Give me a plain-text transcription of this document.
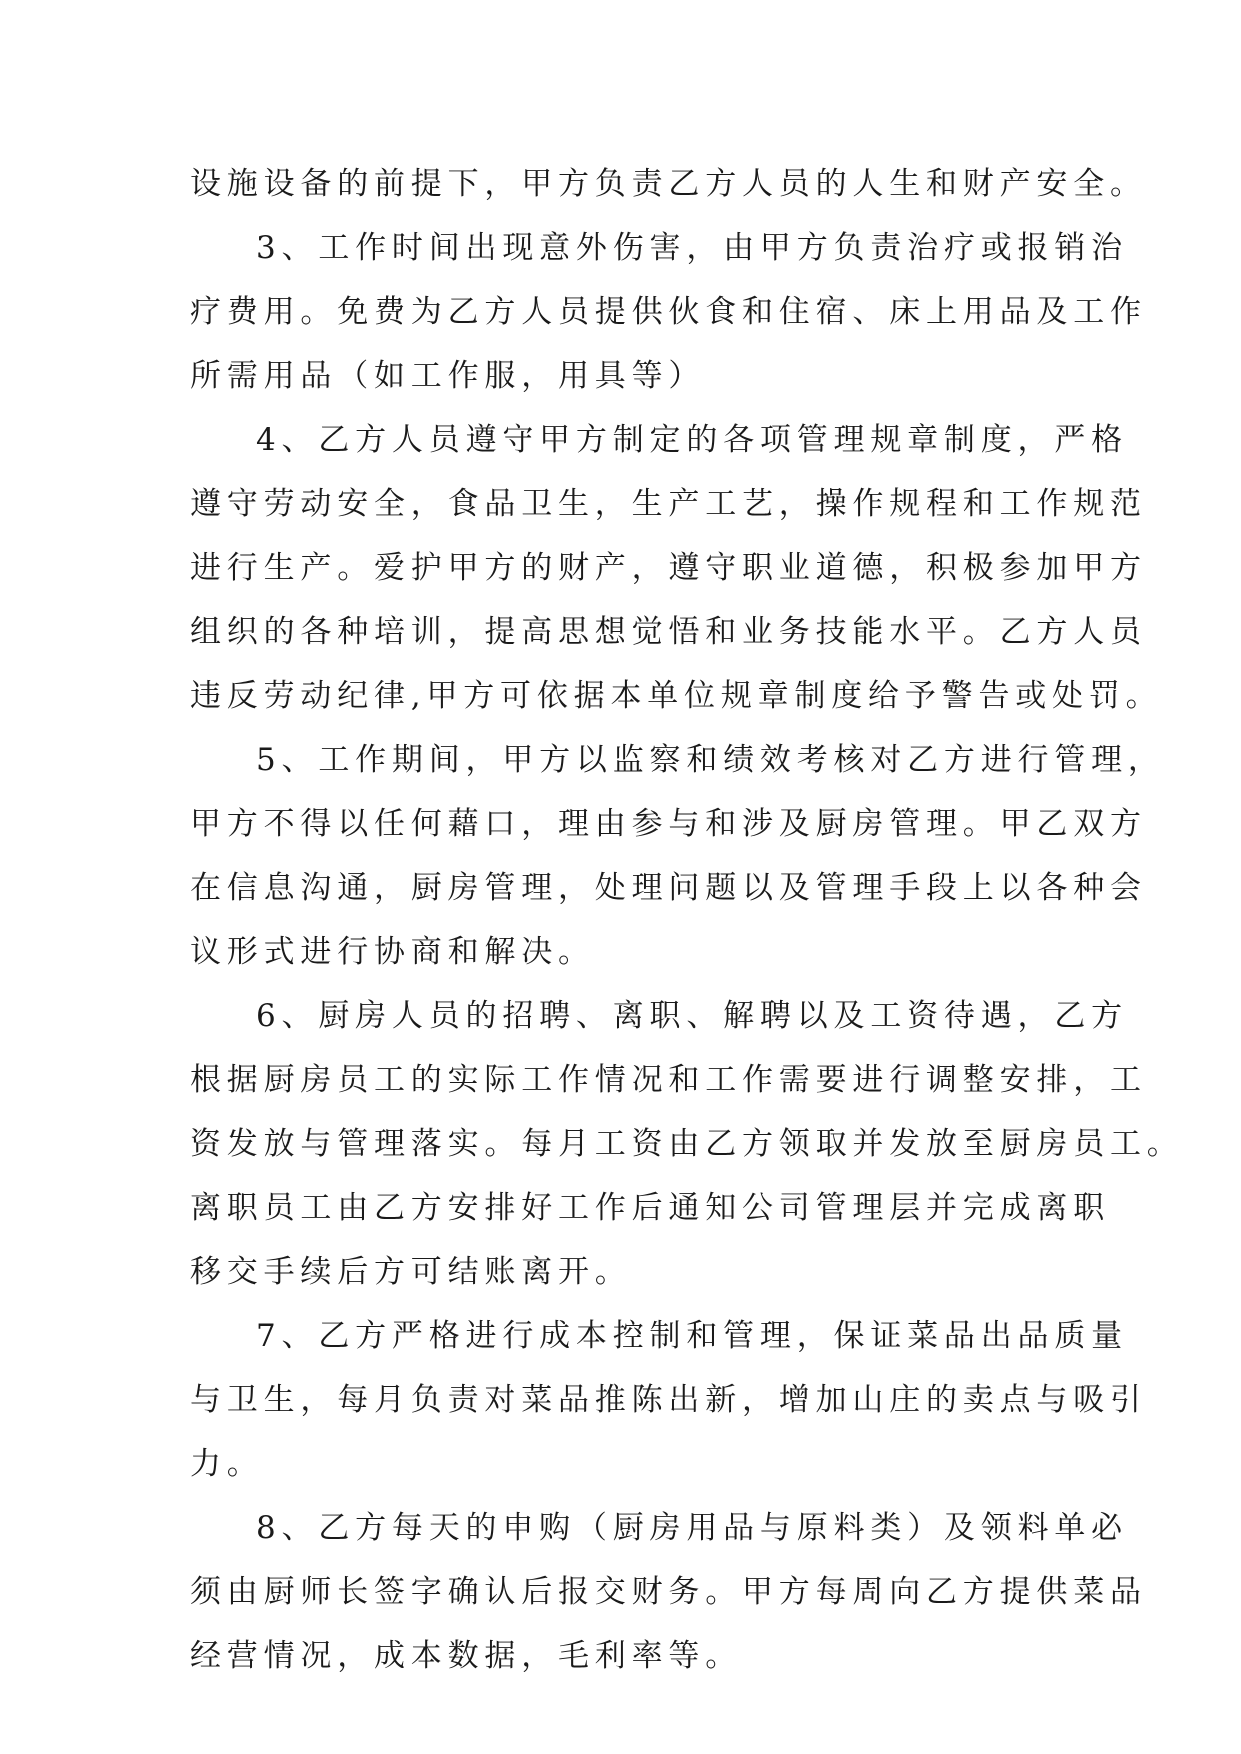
设施设备的前提下，甲方负责乙方人员的人生和财产安全。
3、工作时间出现意外伤害，由甲方负责治疗或报销治
疗费用。免费为乙方人员提供伙食和住宿、床上用品及工作
所需用品（如工作服，用具等）
4、乙方人员遵守甲方制定的各项管理规章制度，严格
遵守劳动安全，食品卫生，生产工艺，操作规程和工作规范
进行生产。爱护甲方的财产，遵守职业道德，积极参加甲方
组织的各种培训，提高思想觉悟和业务技能水平。乙方人员
违反劳动纪律,甲方可依据本单位规章制度给予警告或处罚。
5、工作期间，甲方以监察和绩效考核对乙方进行管理，
甲方不得以任何藉口，理由参与和涉及厨房管理。甲乙双方
在信息沟通，厨房管理，处理问题以及管理手段上以各种会
议形式进行协商和解决。
6、厨房人员的招聘、离职、解聘以及工资待遇，乙方
根据厨房员工的实际工作情况和工作需要进行调整安排，工
资发放与管理落实。每月工资由乙方领取并发放至厨房员工。
离职员工由乙方安排好工作后通知公司管理层并完成离职
移交手续后方可结账离开。
7、乙方严格进行成本控制和管理，保证菜品出品质量
与卫生，每月负责对菜品推陈出新，增加山庄的卖点与吸引
力。
8、乙方每天的申购（厨房用品与原料类）及领料单必
须由厨师长签字确认后报交财务。甲方每周向乙方提供菜品
经营情况，成本数据，毛利率等。
